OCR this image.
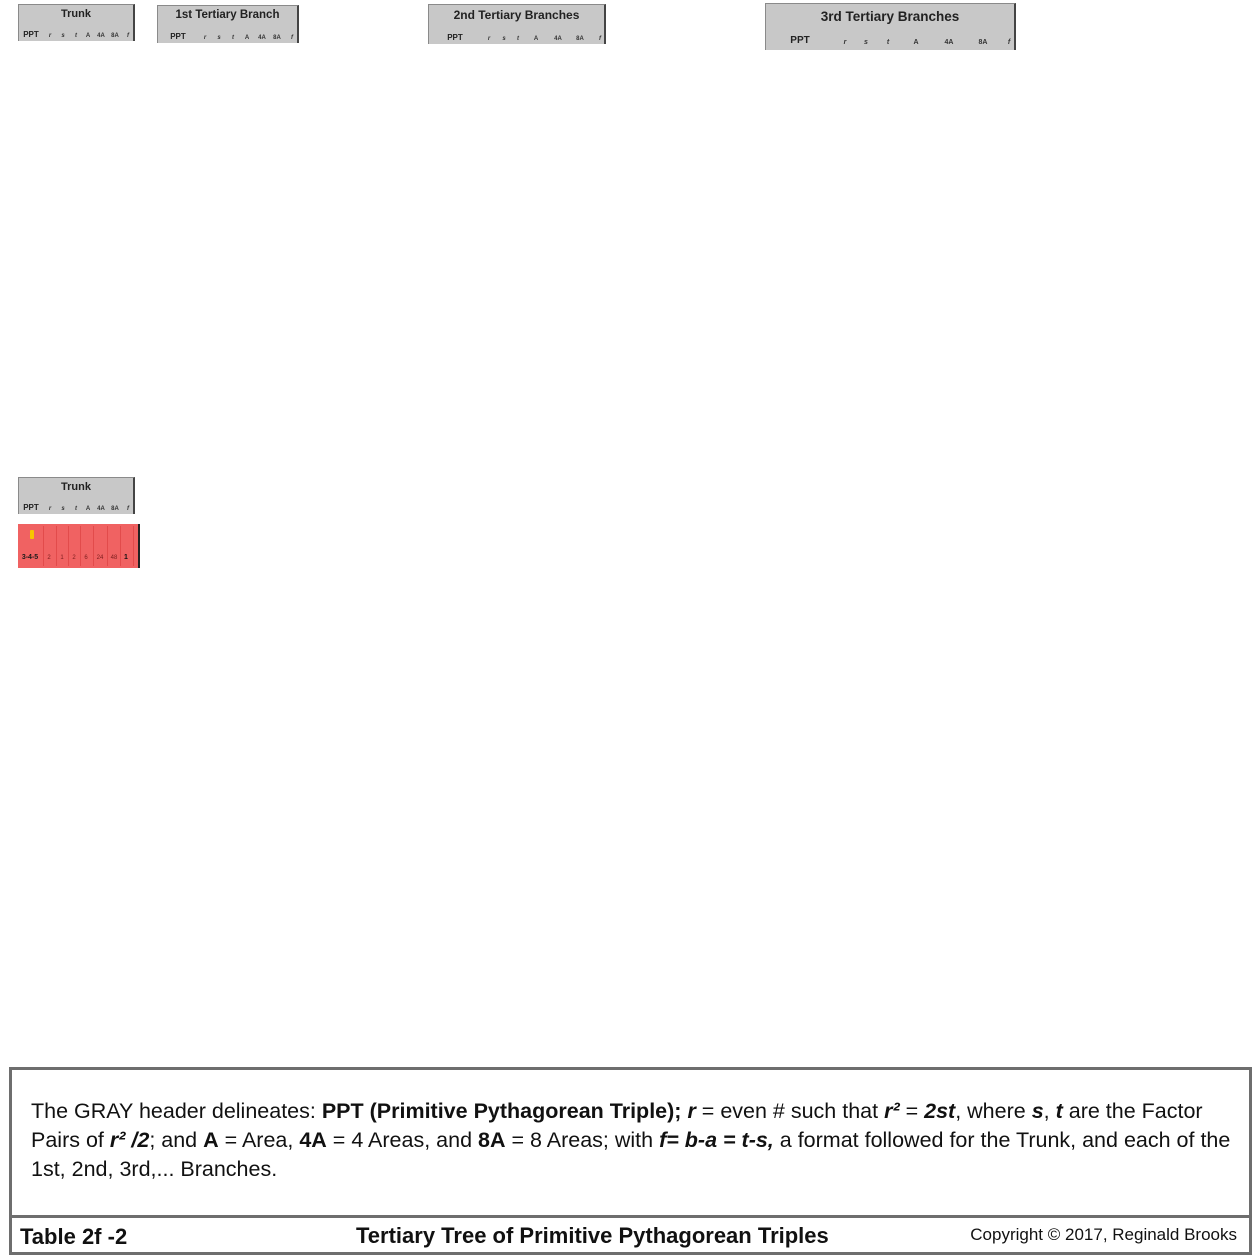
Trunk
PPT r s t A 4A 8A f
1st Tertiary Branch
PPT	r s t A 4A 8A f
2nd Tertiary Branches
PPT	r s t A	4A 8A	f
3rd Tertiary Branches
PPT	r	s	t	A	4A	8A	f
Trunk
PPT r s t A 4A 8A f
3-4-5 2 1 2 6 24 48 1
The GRAY header delineates: PPT (Primitive Pythagorean Triple); r = even # such that r² = 2st, where s, t are the Factor Pairs of r² /2; and A = Area, 4A = 4 Areas, and 8A = 8 Areas; with f= b-a = t-s, a format followed for the Trunk, and each of the 1st, 2nd, 3rd,... Branches.
Table 2f -2	Tertiary Tree of Primitive Pythagorean Triples	Copyright © 2017, Reginald Brooks
